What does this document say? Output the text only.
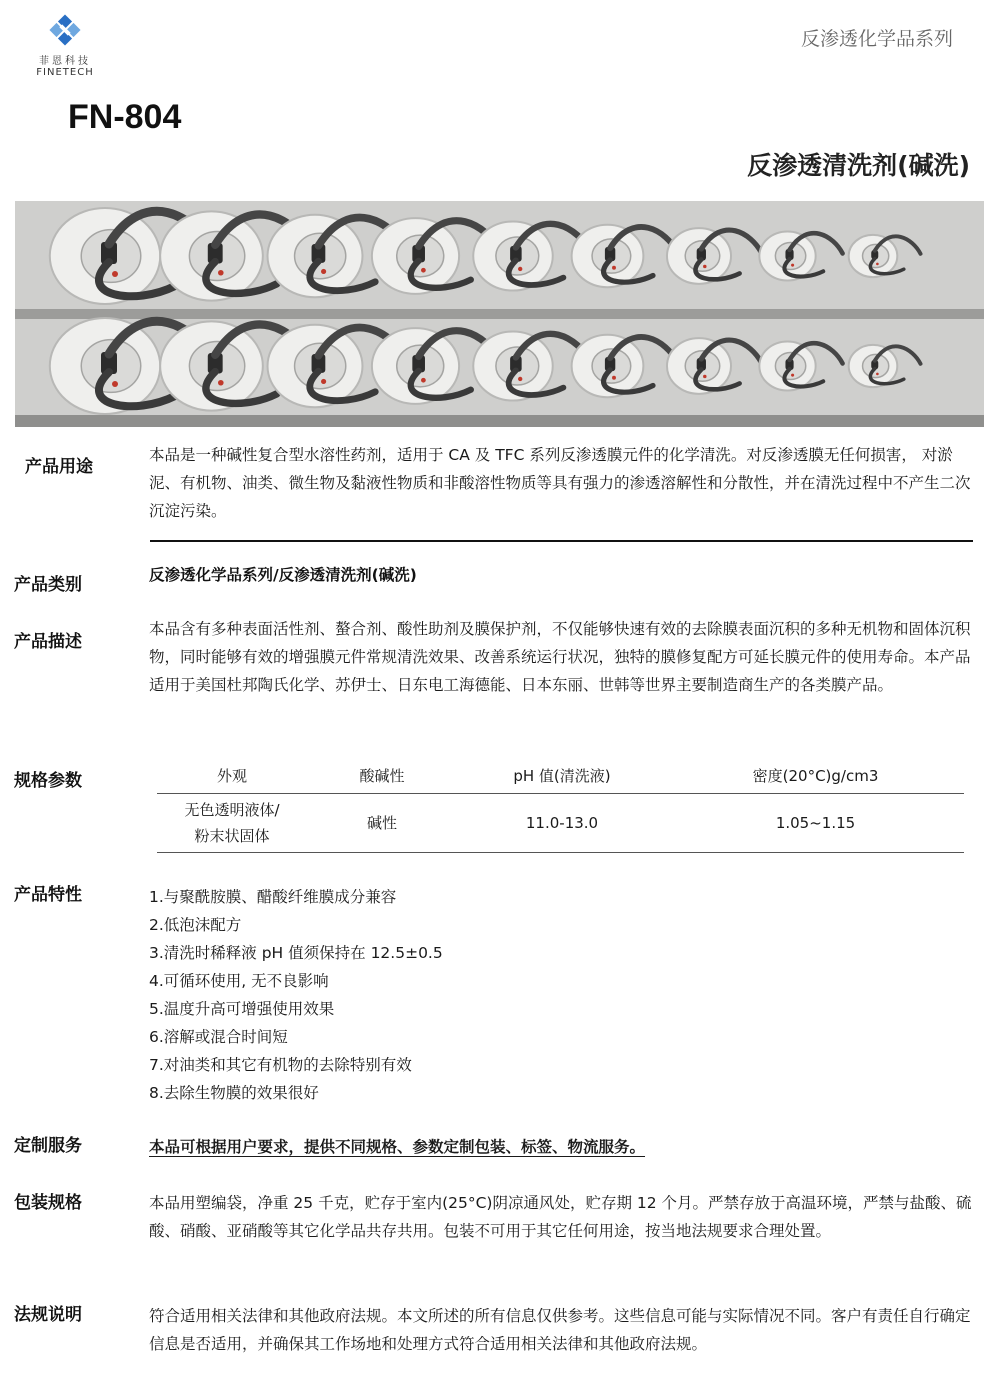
菲恩科技
FINETECH
反渗透化学品系列
FN-804
反渗透清洗剂(碱洗)
产品用途

本品是一种碱性复合型水溶性药剂，适用于 CA 及 TFC 系列反渗透膜元件的化学清洗。对反渗透膜无任何损害， 对淤泥、有机物、油类、微生物及黏液性物质和非酸溶性物质等具有强力的渗透溶解性和分散性，并在清洗过程中不产生二次沉淀污染。

产品类别	反渗透化学品系列/反渗透清洗剂(碱洗)
产品描述

本品含有多种表面活性剂、螯合剂、酸性助剂及膜保护剂，不仅能够快速有效的去除膜表面沉积的多种无机物和固体沉积物，同时能够有效的增强膜元件常规清洗效果、改善系统运行状况，独特的膜修复配方可延长膜元件的使用寿命。本产品适用于美国杜邦陶氏化学、苏伊士、日东电工海德能、日本东丽、世韩等世界主要制造商生产的各类膜产品。

规格参数	外观	酸碱性	pH 值(清洗液)	密度(20°C)g/cm3

无色透明液体/
粉末状固体	碱性	11.0-13.0	1.05~1.15
产品特性	1.与聚酰胺膜、醋酸纤维膜成分兼容
2.低泡沫配方
3.清洗时稀释液 pH 值须保持在 12.5±0.5
4.可循环使用, 无不良影响
5.温度升高可增强使用效果
6.溶解或混合时间短
7.对油类和其它有机物的去除特别有效
8.去除生物膜的效果很好
定制服务	本品可根据用户要求，提供不同规格、参数定制包装、标签、物流服务。
包装规格	本品用塑编袋，净重 25 千克，贮存于室内(25°C)阴凉通风处，贮存期 12 个月。严禁存放于高温环境，严禁与盐酸、硫酸、硝酸、亚硝酸等其它化学品共存共用。包装不可用于其它任何用途，按当地法规要求合理处置。

法规说明	符合适用相关法律和其他政府法规。本文所述的所有信息仅供参考。这些信息可能与实际情况不同。客户有责任自行确定信息是否适用，并确保其工作场地和处理方式符合适用相关法律和其他政府法规。
